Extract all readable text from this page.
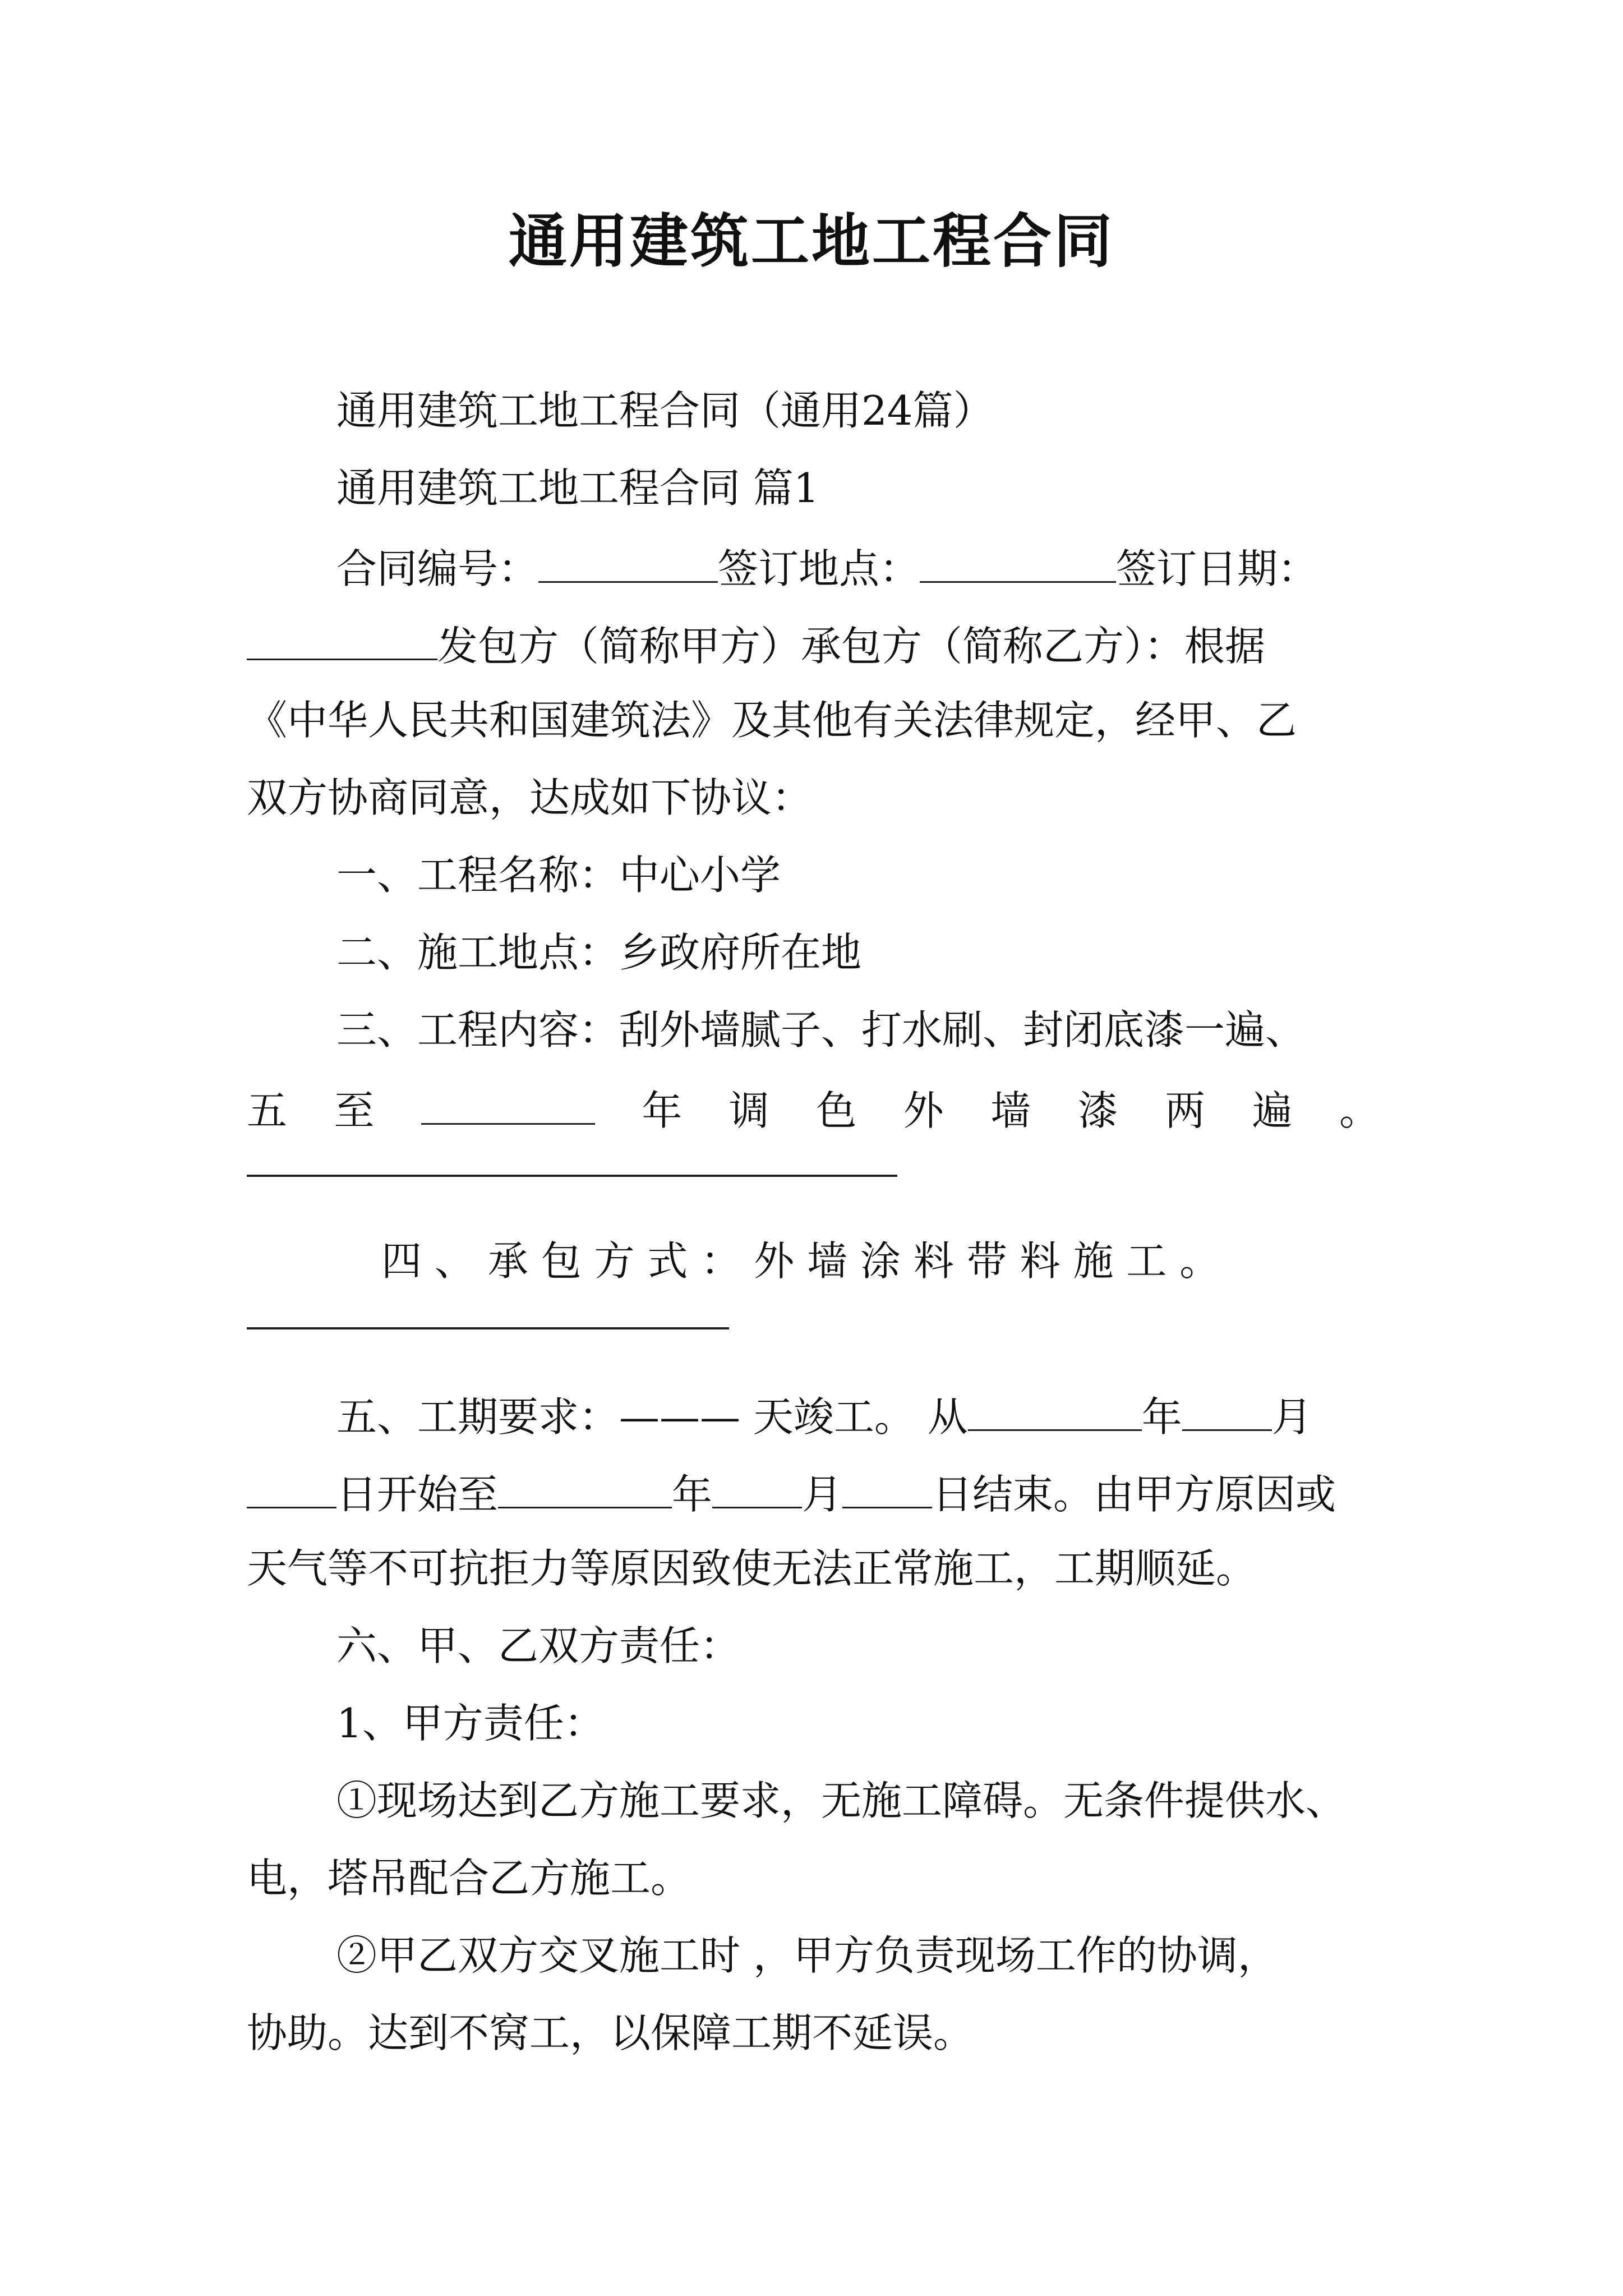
通用建筑工地工程合同
通用建筑工地工程合同（通用24篇）
通用建筑工地工程合同 篇1
合同编号：	签订地点：	签订日期：
发包方（简称甲方）承包方（简称乙方）：根据
《中华人民共和国建筑法》及其他有关法律规定，经甲、乙
双方协商同意，达成如下协议：
一、工程名称：中心小学
二、施工地点：乡政府所在地
三、工程内容：刮外墙腻子、打水刷、封闭底漆一遍、
五 至	年 调 色 外 墙 漆 两 遍 。
四 、 承 包 方 式 ： 外 墙 涂 料 带 料 施 工 。
五、工期要求：——— 天竣工。 从	年 月
日开始至	年 月 日结束。由甲方原因或
天气等不可抗拒力等原因致使无法正常施工，工期顺延。
六、甲、乙双方责任：
1、甲方责任：
①现场达到乙方施工要求，无施工障碍。无条件提供水、
电，塔吊配合乙方施工。
②甲乙双方交叉施工时 ，甲方负责现场工作的协调，
协助。达到不窝工，以保障工期不延误。
